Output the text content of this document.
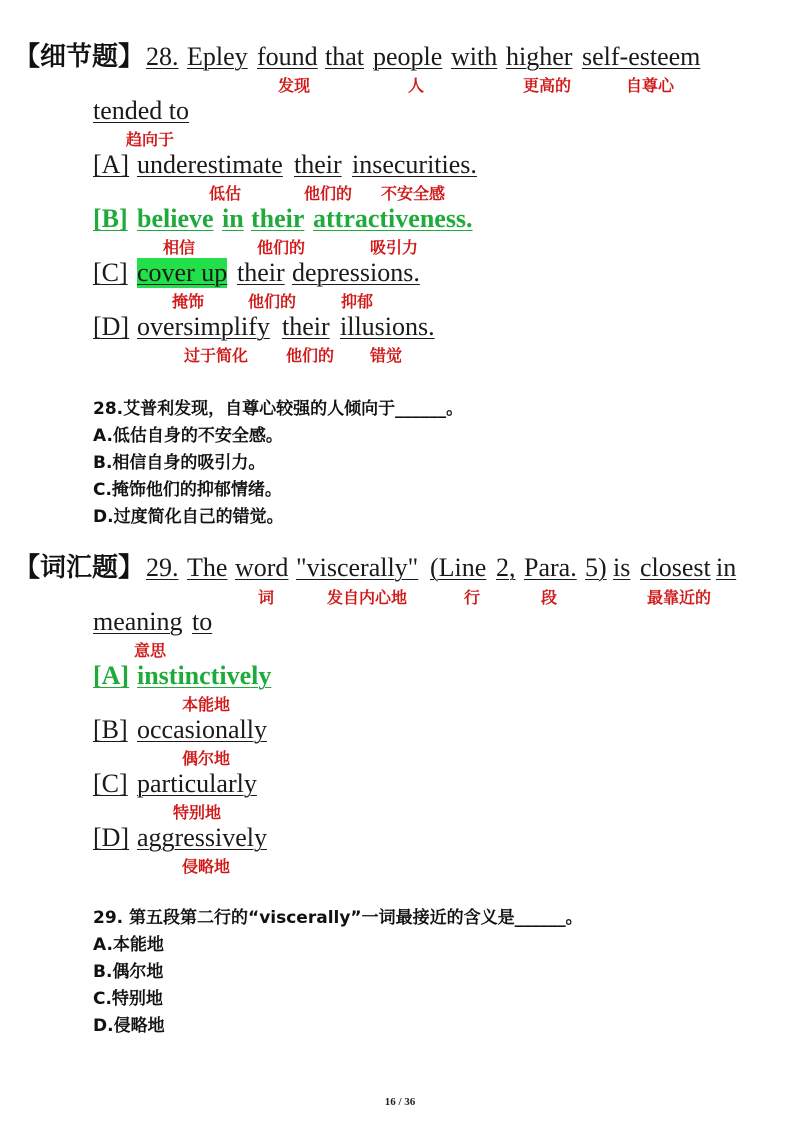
【细节题】 28. Epley found that people with higher self-esteem
发现	人	更高的	自尊心
tended to
趋向于
[A] underestimate their insecurities.
低估	他们的 不安全感
[B] believe in their attractiveness.
相信	他们的	吸引力
[C] cover up their depressions.
掩饰	他们的	抑郁
[D] oversimplify their illusions.
过于简化 他们的 错觉
28.艾普利发现，自尊心较强的人倾向于______。
A.低估自身的不安全感。
B.相信自身的吸引力。
C.掩饰他们的抑郁情绪。
D.过度简化自己的错觉。
【词汇题】 29. The word "viscerally" (Line 2, Para. 5) is closest in
词	发自内心地	行	段	最靠近的
meaning to
意思
[A] instinctively
本能地
[B] occasionally
偶尔地
[C] particularly
特别地
[D] aggressively
侵略地
29. 第五段第二行的“viscerally”一词最接近的含义是______。
A.本能地
B.偶尔地
C.特别地
D.侵略地
16 / 36
